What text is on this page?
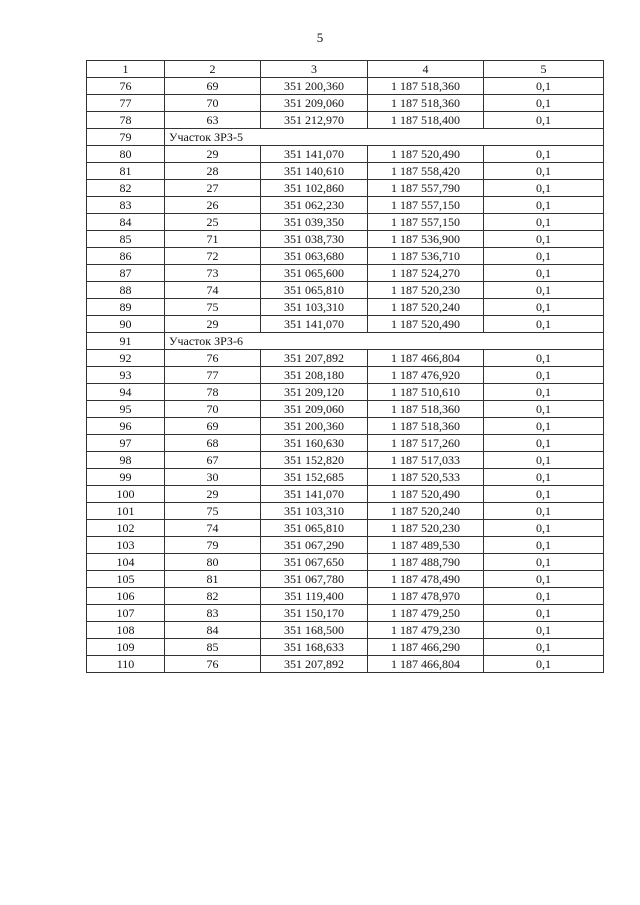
5
1	2	3	4	5
76	69	351 200,360	1 187 518,360	0,1
77	70	351 209,060	1 187 518,360	0,1
78	63	351 212,970	1 187 518,400	0,1
79	Участок ЗРЗ-5			
80	29	351 141,070	1 187 520,490	0,1
81	28	351 140,610	1 187 558,420	0,1
82	27	351 102,860	1 187 557,790	0,1
83	26	351 062,230	1 187 557,150	0,1
84	25	351 039,350	1 187 557,150	0,1
85	71	351 038,730	1 187 536,900	0,1
86	72	351 063,680	1 187 536,710	0,1
87	73	351 065,600	1 187 524,270	0,1
88	74	351 065,810	1 187 520,230	0,1
89	75	351 103,310	1 187 520,240	0,1
90	29	351 141,070	1 187 520,490	0,1
91	Участок ЗРЗ-6			
92	76	351 207,892	1 187 466,804	0,1
93	77	351 208,180	1 187 476,920	0,1
94	78	351 209,120	1 187 510,610	0,1
95	70	351 209,060	1 187 518,360	0,1
96	69	351 200,360	1 187 518,360	0,1
97	68	351 160,630	1 187 517,260	0,1
98	67	351 152,820	1 187 517,033	0,1
99	30	351 152,685	1 187 520,533	0,1
100	29	351 141,070	1 187 520,490	0,1
101	75	351 103,310	1 187 520,240	0,1
102	74	351 065,810	1 187 520,230	0,1
103	79	351 067,290	1 187 489,530	0,1
104	80	351 067,650	1 187 488,790	0,1
105	81	351 067,780	1 187 478,490	0,1
106	82	351 119,400	1 187 478,970	0,1
107	83	351 150,170	1 187 479,250	0,1
108	84	351 168,500	1 187 479,230	0,1
109	85	351 168,633	1 187 466,290	0,1
110	76	351 207,892	1 187 466,804	0,1
